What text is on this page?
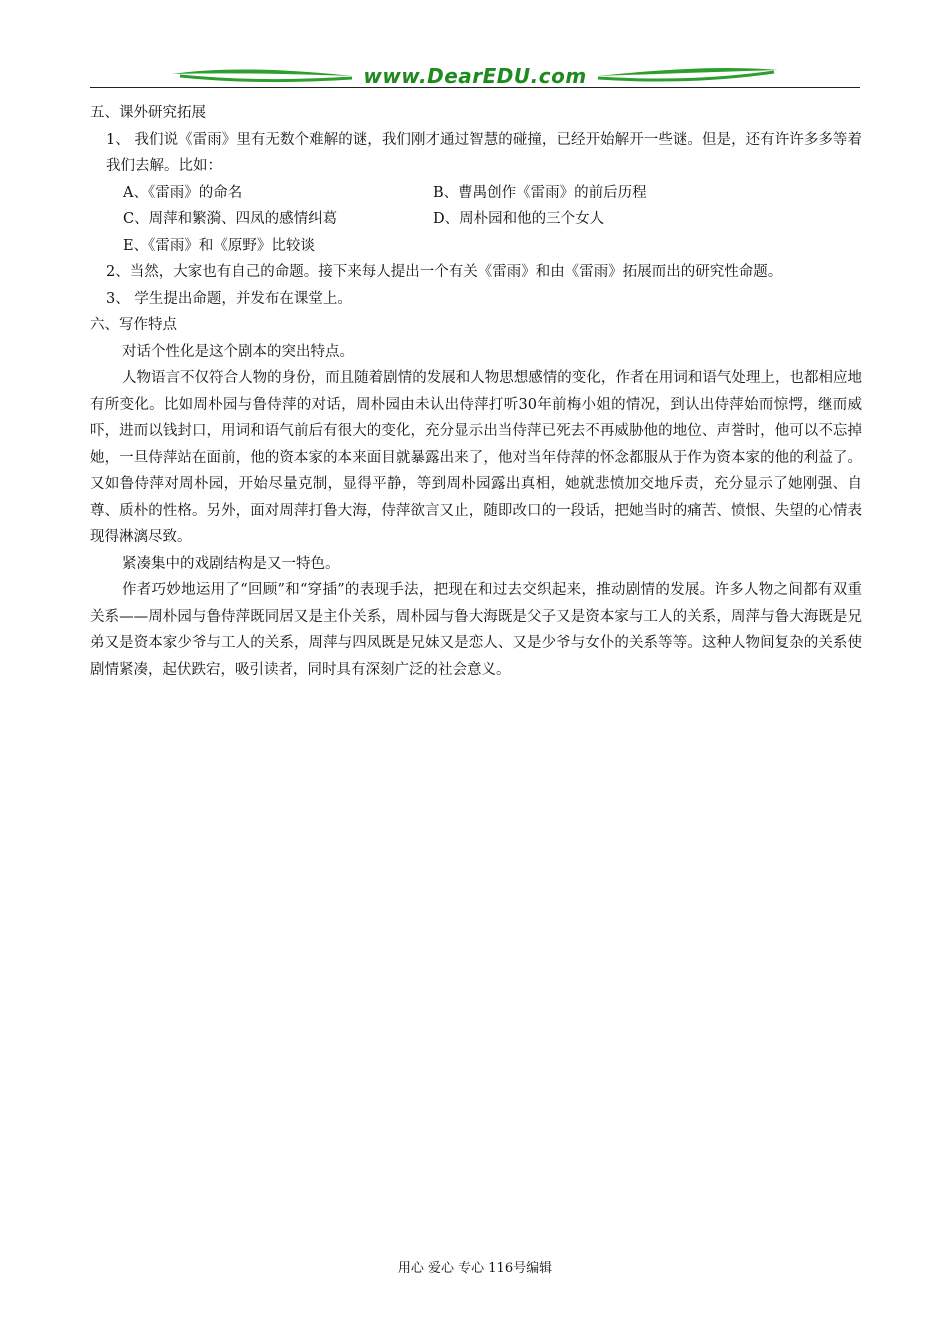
www.DearEDU.com
五、课外研究拓展
1、 我们说《雷雨》里有无数个难解的谜，我们刚才通过智慧的碰撞，已经开始解开一些谜。但是，还有许许多多等着我们去解。比如：
A、《雷雨》的命名	B、曹禺创作《雷雨》的前后历程
C、周萍和繁漪、四凤的感情纠葛	D、周朴园和他的三个女人
E、《雷雨》和《原野》比较谈
2、当然，大家也有自己的命题。接下来每人提出一个有关《雷雨》和由《雷雨》拓展而出的研究性命题。
3、 学生提出命题，并发布在课堂上。
六、写作特点
对话个性化是这个剧本的突出特点。
人物语言不仅符合人物的身份，而且随着剧情的发展和人物思想感情的变化，作者在用词和语气处理上，也都相应地有所变化。比如周朴园与鲁侍萍的对话，周朴园由未认出侍萍打听30年前梅小姐的情况，到认出侍萍始而惊愕，继而威吓，进而以钱封口，用词和语气前后有很大的变化，充分显示出当侍萍已死去不再威胁他的地位、声誉时，他可以不忘掉她，一旦侍萍站在面前，他的资本家的本来面目就暴露出来了，他对当年侍萍的怀念都服从于作为资本家的他的利益了。又如鲁侍萍对周朴园，开始尽量克制，显得平静，等到周朴园露出真相，她就悲愤加交地斥责，充分显示了她刚强、自尊、质朴的性格。另外，面对周萍打鲁大海，侍萍欲言又止，随即改口的一段话，把她当时的痛苦、愤恨、失望的心情表现得淋漓尽致。
紧凑集中的戏剧结构是又一特色。
作者巧妙地运用了“回顾”和“穿插”的表现手法，把现在和过去交织起来，推动剧情的发展。许多人物之间都有双重关系——周朴园与鲁侍萍既同居又是主仆关系，周朴园与鲁大海既是父子又是资本家与工人的关系，周萍与鲁大海既是兄弟又是资本家少爷与工人的关系，周萍与四凤既是兄妹又是恋人、又是少爷与女仆的关系等等。这种人物间复杂的关系使剧情紧凑，起伏跌宕，吸引读者，同时具有深刻广泛的社会意义。
用心 爱心 专心 116号编辑
